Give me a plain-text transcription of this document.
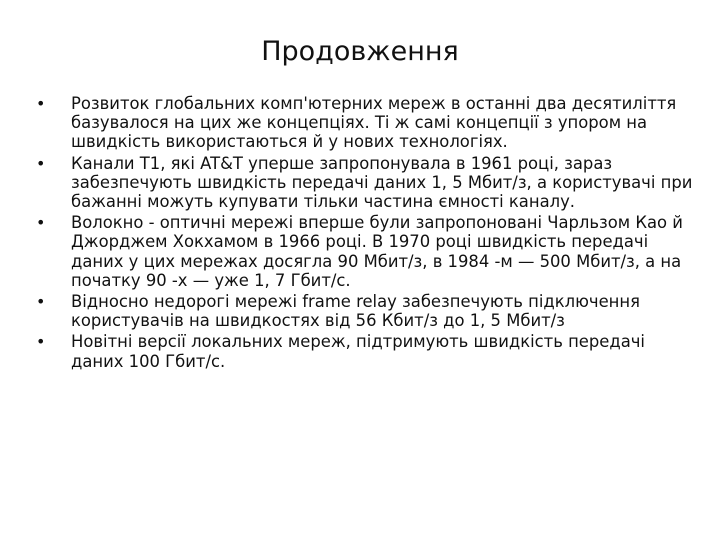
Продовження
• Розвиток глобальних комп'ютерних мереж в останні два десятиліття базувалося на цих же концепціях. Ті ж самі концепції з упором на швидкість використаються й у нових технологіях.
• Канали Т1, які AT&T уперше запропонувала в 1961 році, зараз забезпечують швидкість передачі даних 1, 5 Мбит/з, а користувачі при бажанні можуть купувати тільки частина ємності каналу.
• Волокно - оптичні мережі вперше були запропоновані Чарльзом Као й Джорджем Хокхамом в 1966 році. В 1970 році швидкість передачі даних у цих мережах досягла 90 Мбит/з, в 1984 -м — 500 Мбит/з, а на початку 90 -х — уже 1, 7 Гбит/с.
• Відносно недорогі мережі frame relay забезпечують підключення користувачів на швидкостях від 56 Кбит/з до 1, 5 Мбит/з
• Новітні версії локальних мереж, підтримують швидкість передачі даних 100 Гбит/с.
